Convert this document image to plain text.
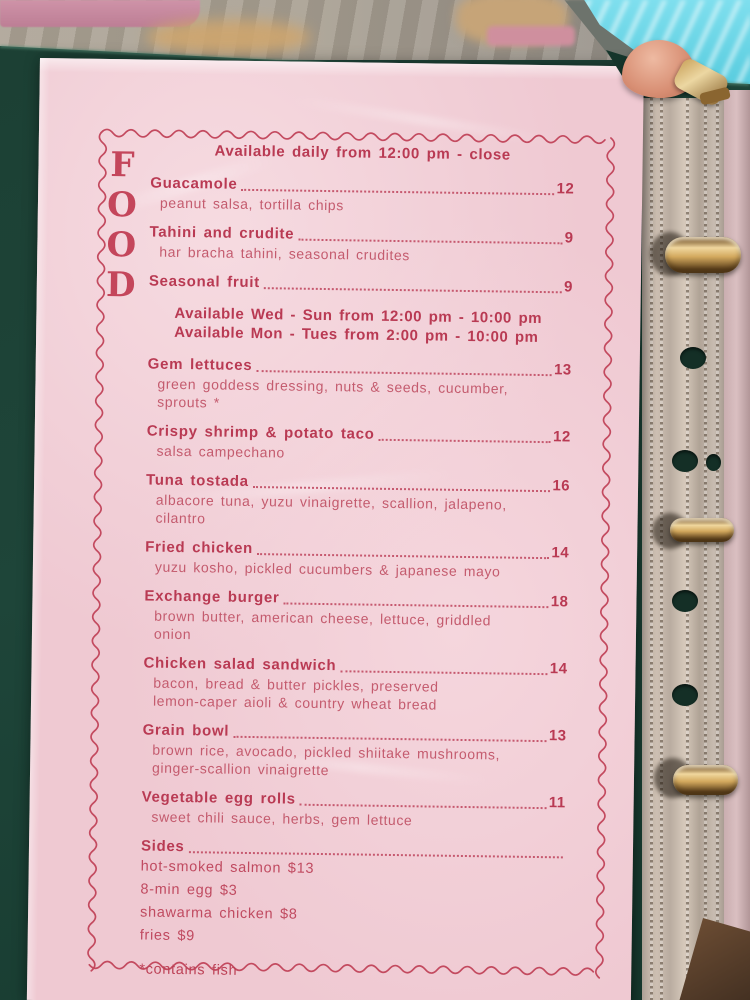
F
O
O
D
Available daily from 12:00 pm - close
Guacamole	12
peanut salsa, tortilla chips
Tahini and crudite	9
har bracha tahini, seasonal crudites
Seasonal fruit	9
Available Wed - Sun from 12:00 pm - 10:00 pm
Available Mon - Tues from 2:00 pm - 10:00 pm
Gem lettuces	13
green goddess dressing, nuts & seeds, cucumber,
sprouts *
Crispy shrimp & potato taco	12
salsa campechano
Tuna tostada	16
albacore tuna, yuzu vinaigrette, scallion, jalapeno,
cilantro
Fried chicken	14
yuzu kosho, pickled cucumbers & japanese mayo
Exchange burger	18
brown butter, american cheese, lettuce, griddled
onion
Chicken salad sandwich	14
bacon, bread & butter pickles, preserved
lemon-caper aioli & country wheat bread
Grain bowl	13
brown rice, avocado, pickled shiitake mushrooms,
ginger-scallion vinaigrette
Vegetable egg rolls	11
sweet chili sauce, herbs, gem lettuce
Sides
hot-smoked salmon $13
8-min egg $3
shawarma chicken $8
fries $9
*contains fish
